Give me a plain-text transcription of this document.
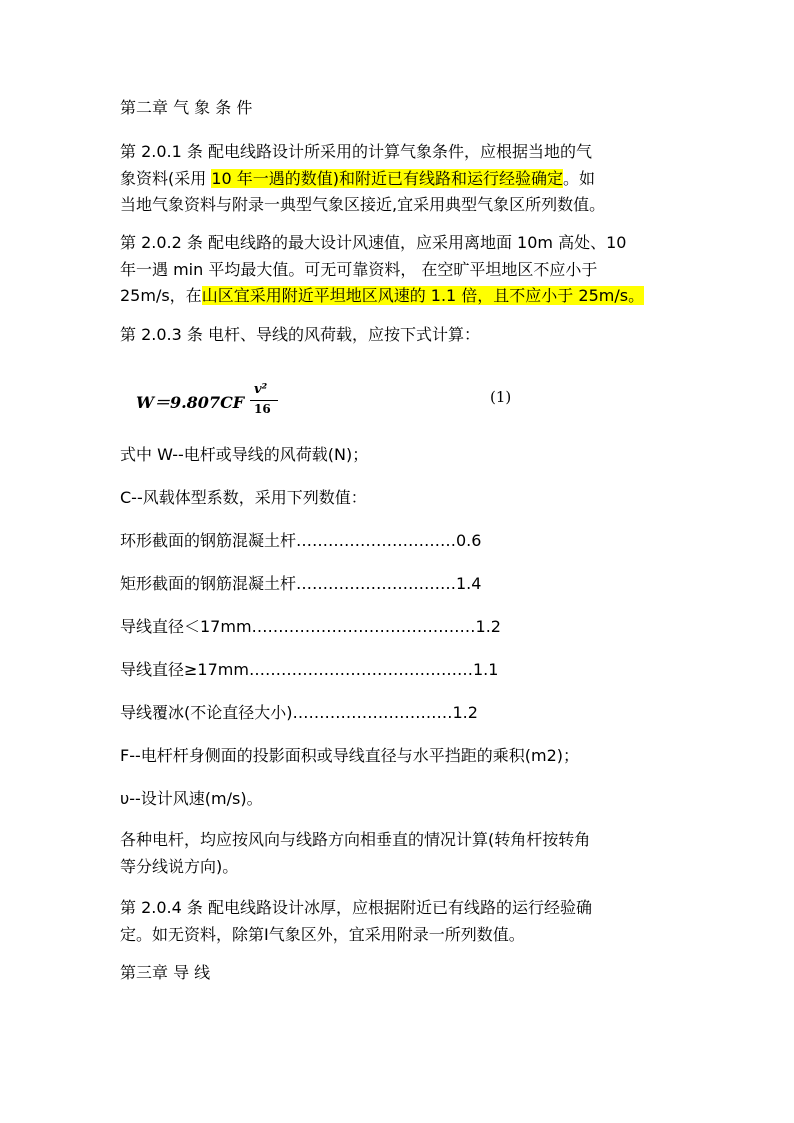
第二章 气 象 条 件
第 2.0.1 条 配电线路设计所采用的计算气象条件，应根据当地的气
象资料(采用 10 年一遇的数值)和附近已有线路和运行经验确定。如
当地气象资料与附录一典型气象区接近,宜采用典型气象区所列数值。
第 2.0.2 条 配电线路的最大设计风速值，应采用离地面 10m 高处、10
年一遇 min 平均最大值。可无可靠资料， 在空旷平坦地区不应小于
25m/s，在山区宜采用附近平坦地区风速的 1.1 倍，且不应小于 25m/s。
第 2.0.3 条 电杆、导线的风荷载，应按下式计算：
W＝9.807CF
v²
16
(1)
式中 W--电杆或导线的风荷载(N)；
C--风载体型系数，采用下列数值：
环形截面的钢筋混凝土杆…………………………0.6
矩形截面的钢筋混凝土杆…………………………1.4
导线直径＜17mm……………………………………1.2
导线直径≥17mm……………………………………1.1
导线覆冰(不论直径大小)…………………………1.2
F--电杆杆身侧面的投影面积或导线直径与水平挡距的乘积(m2)；
υ--设计风速(m/s)。
各种电杆，均应按风向与线路方向相垂直的情况计算(转角杆按转角
等分线说方向)。
第 2.0.4 条 配电线路设计冰厚，应根据附近已有线路的运行经验确
定。如无资料，除第Ⅰ气象区外，宜采用附录一所列数值。
第三章 导 线
